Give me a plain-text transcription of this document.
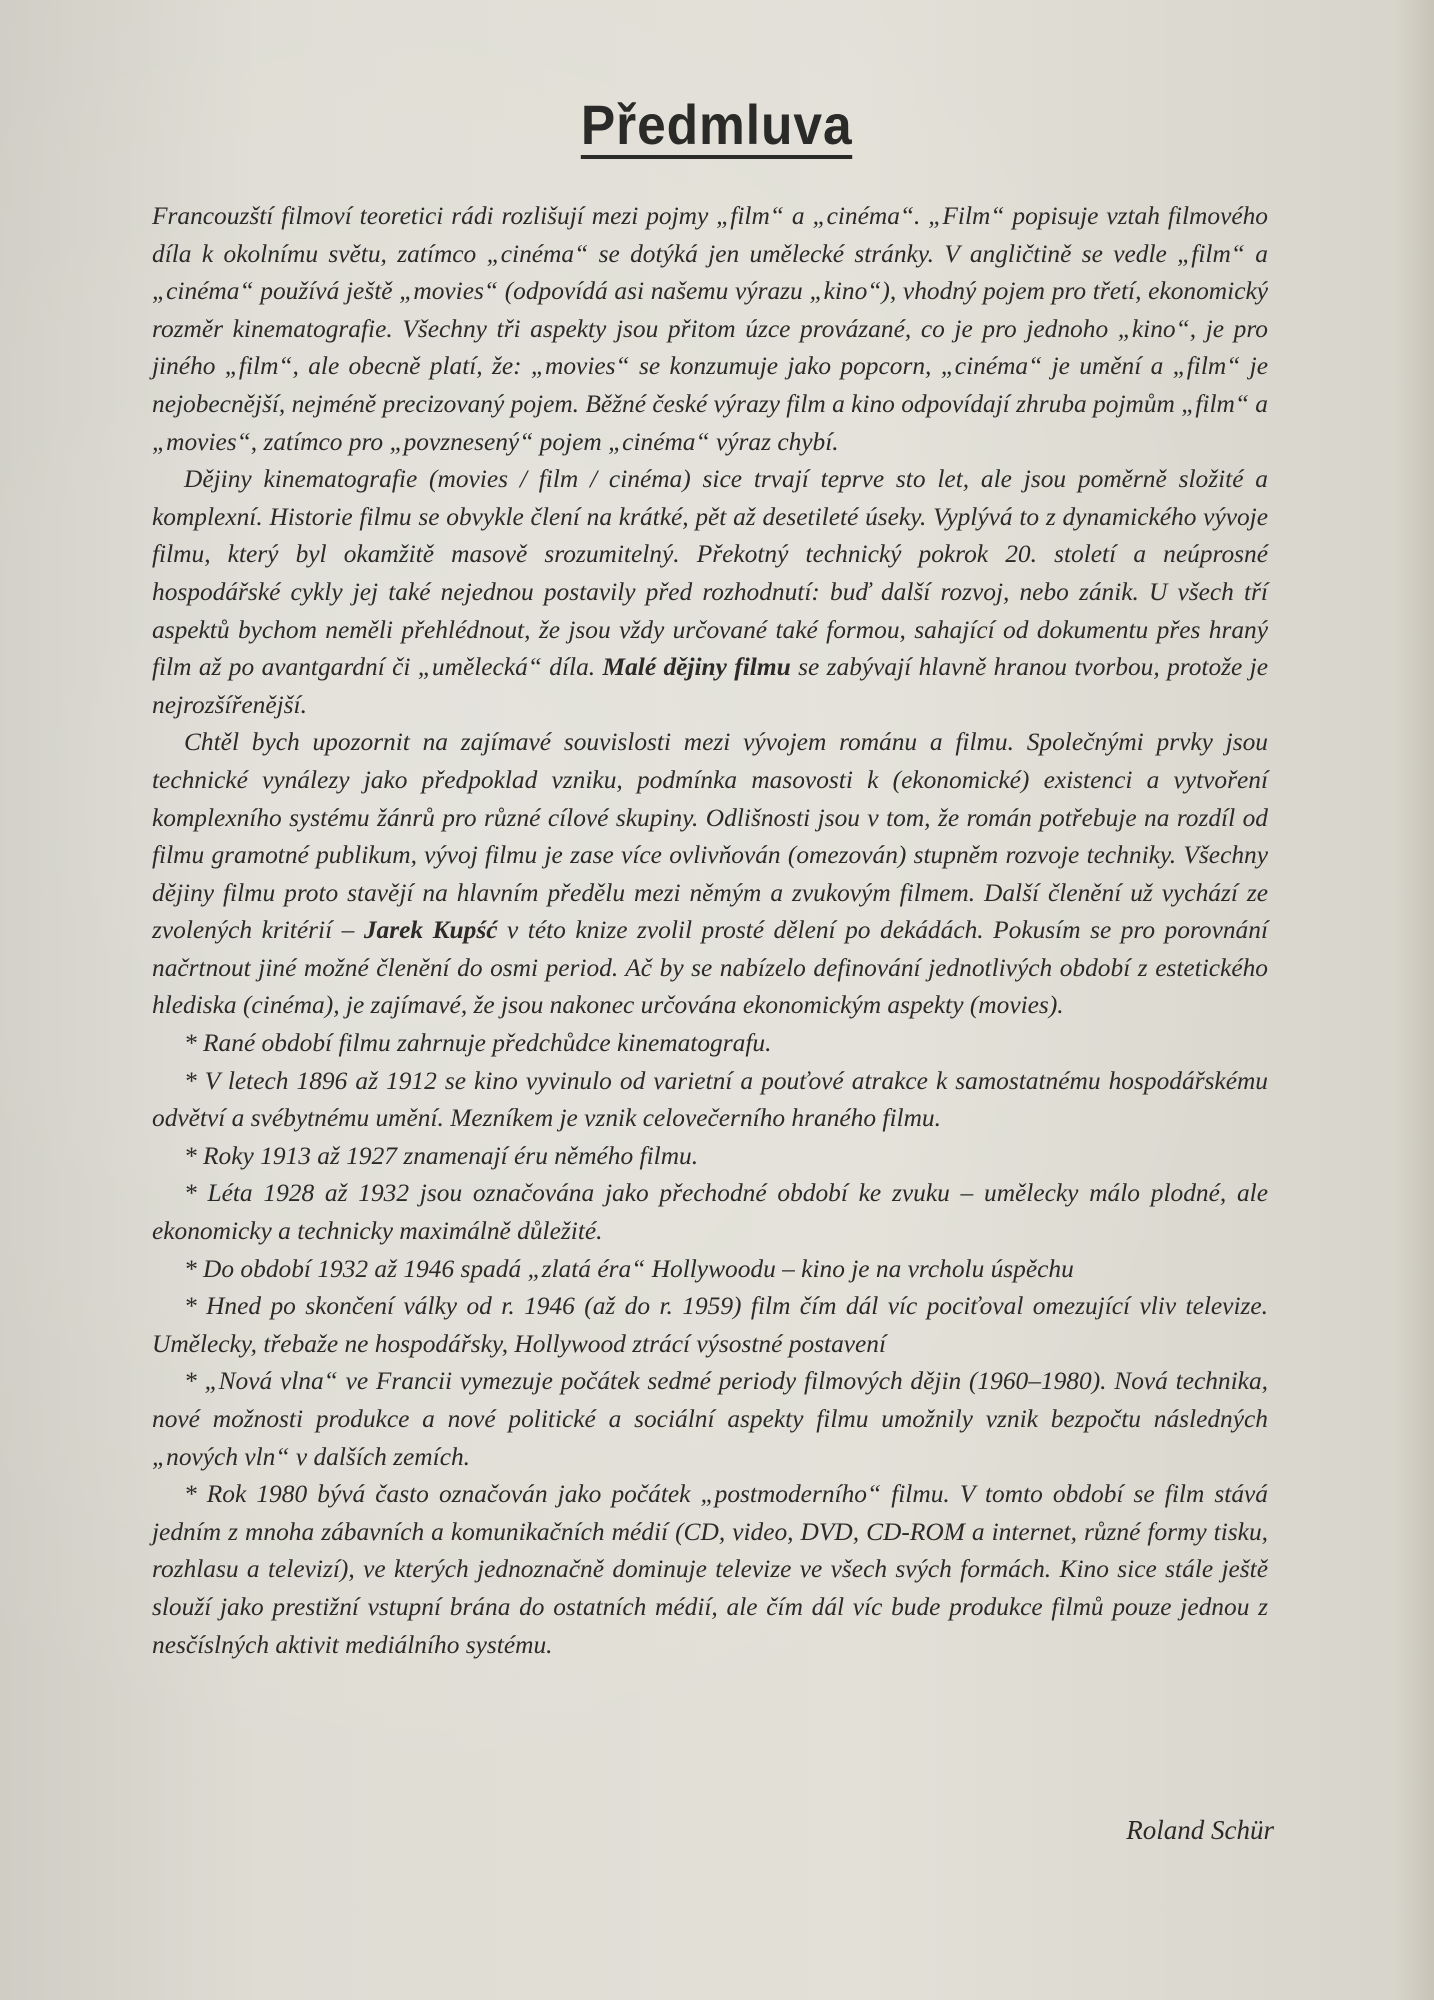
Předmluva

Francouzští filmoví teoretici rádi rozlišují mezi pojmy „film“ a „cinéma“. „Film“ popisuje vztah filmového díla k okolnímu světu, zatímco „cinéma“ se dotýká jen umělecké stránky. V angličtině se vedle „film“ a „cinéma“ používá ještě „movies“ (odpovídá asi našemu výrazu „kino“), vhodný pojem pro třetí, ekonomický rozměr kinematografie. Všechny tři aspekty jsou přitom úzce provázané, co je pro jednoho „kino“, je pro jiného „film“, ale obecně platí, že: „movies“ se konzumuje jako popcorn, „cinéma“ je umění a „film“ je nejobecnější, nejméně precizovaný pojem. Běžné české výrazy film a kino odpovídají zhruba pojmům „film“ a „movies“, zatímco pro „povznesený“ pojem „cinéma“ výraz chybí.

Dějiny kinematografie (movies / film / cinéma) sice trvají teprve sto let, ale jsou poměrně složité a komplexní. Historie filmu se obvykle člení na krátké, pět až desetileté úseky. Vyplývá to z dynamického vývoje filmu, který byl okamžitě masově srozumitelný. Překotný technický pokrok 20. století a neúprosné hospodářské cykly jej také nejednou postavily před rozhodnutí: buď další rozvoj, nebo zánik. U všech tří aspektů bychom neměli přehlédnout, že jsou vždy určované také formou, sahající od dokumentu přes hraný film až po avantgardní či „umělecká“ díla. Malé dějiny filmu se zabývají hlavně hranou tvorbou, protože je nejrozšířenější.

Chtěl bych upozornit na zajímavé souvislosti mezi vývojem románu a filmu. Společnými prvky jsou technické vynálezy jako předpoklad vzniku, podmínka masovosti k (ekonomické) existenci a vytvoření komplexního systému žánrů pro různé cílové skupiny. Odlišnosti jsou v tom, že román potřebuje na rozdíl od filmu gramotné publikum, vývoj filmu je zase více ovlivňován (omezován) stupněm rozvoje techniky. Všechny dějiny filmu proto stavějí na hlavním předělu mezi němým a zvukovým filmem. Další členění už vychází ze zvolených kritérií – Jarek Kupść v této knize zvolil prosté dělení po dekádách. Pokusím se pro porovnání načrtnout jiné možné členění do osmi period. Ač by se nabízelo definování jednotlivých období z estetického hlediska (cinéma), je zajímavé, že jsou nakonec určována ekonomickým aspekty (movies).

* Rané období filmu zahrnuje předchůdce kinematografu.

* V letech 1896 až 1912 se kino vyvinulo od varietní a pouťové atrakce k samostatnému hospodářskému odvětví a svébytnému umění. Mezníkem je vznik celovečerního hraného filmu.

* Roky 1913 až 1927 znamenají éru němého filmu.

* Léta 1928 až 1932 jsou označována jako přechodné období ke zvuku – umělecky málo plodné, ale ekonomicky a technicky maximálně důležité.

* Do období 1932 až 1946 spadá „zlatá éra“ Hollywoodu – kino je na vrcholu úspěchu

* Hned po skončení války od r. 1946 (až do r. 1959) film čím dál víc pociťoval omezující vliv televize. Umělecky, třebaže ne hospodářsky, Hollywood ztrácí výsostné postavení

* „Nová vlna“ ve Francii vymezuje počátek sedmé periody filmových dějin (1960–1980). Nová technika, nové možnosti produkce a nové politické a sociální aspekty filmu umožnily vznik bezpočtu následných „nových vln“ v dalších zemích.

* Rok 1980 bývá často označován jako počátek „postmoderního“ filmu. V tomto období se film stává jedním z mnoha zábavních a komunikačních médií (CD, video, DVD, CD-ROM a internet, různé formy tisku, rozhlasu a televizí), ve kterých jednoznačně dominuje televize ve všech svých formách. Kino sice stále ještě slouží jako prestižní vstupní brána do ostatních médií, ale čím dál víc bude produkce filmů pouze jednou z nesčíslných aktivit mediálního systému.

Roland Schür
